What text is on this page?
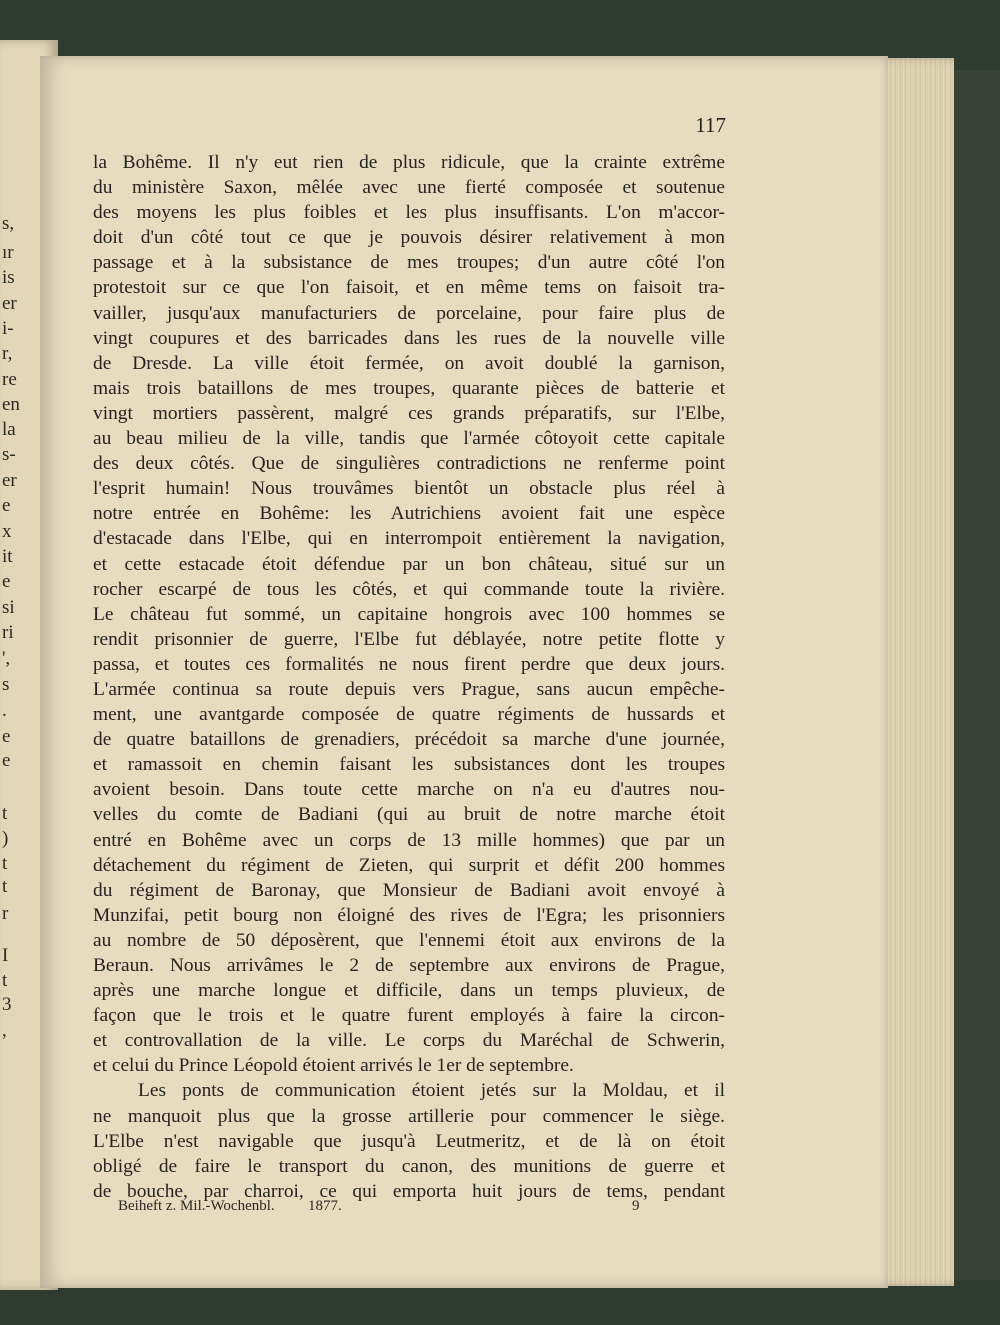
s,
ır
is
er
i-
r,
re
en
la
s-
er
e
x
it
e
si
ri
',
s
.
e
e
t
)
t
t
r
I
t
3
,
117
la Bohême. Il n'y eut rien de plus ridicule, que la crainte extrême
du ministère Saxon, mêlée avec une fierté composée et soutenue
des moyens les plus foibles et les plus insuffisants. L'on m'accor-
doit d'un côté tout ce que je pouvois désirer relativement à mon
passage et à la subsistance de mes troupes; d'un autre côté l'on
protestoit sur ce que l'on faisoit, et en même tems on faisoit tra-
vailler, jusqu'aux manufacturiers de porcelaine, pour faire plus de
vingt coupures et des barricades dans les rues de la nouvelle ville
de Dresde. La ville étoit fermée, on avoit doublé la garnison,
mais trois bataillons de mes troupes, quarante pièces de batterie et
vingt mortiers passèrent, malgré ces grands préparatifs, sur l'Elbe,
au beau milieu de la ville, tandis que l'armée côtoyoit cette capitale
des deux côtés. Que de singulières contradictions ne renferme point
l'esprit humain! Nous trouvâmes bientôt un obstacle plus réel à
notre entrée en Bohême: les Autrichiens avoient fait une espèce
d'estacade dans l'Elbe, qui en interrompoit entièrement la navigation,
et cette estacade étoit défendue par un bon château, situé sur un
rocher escarpé de tous les côtés, et qui commande toute la rivière.
Le château fut sommé, un capitaine hongrois avec 100 hommes se
rendit prisonnier de guerre, l'Elbe fut déblayée, notre petite flotte y
passa, et toutes ces formalités ne nous firent perdre que deux jours.
L'armée continua sa route depuis vers Prague, sans aucun empêche-
ment, une avantgarde composée de quatre régiments de hussards et
de quatre bataillons de grenadiers, précédoit sa marche d'une journée,
et ramassoit en chemin faisant les subsistances dont les troupes
avoient besoin. Dans toute cette marche on n'a eu d'autres nou-
velles du comte de Badiani (qui au bruit de notre marche étoit
entré en Bohême avec un corps de 13 mille hommes) que par un
détachement du régiment de Zieten, qui surprit et défit 200 hommes
du régiment de Baronay, que Monsieur de Badiani avoit envoyé à
Munzifai, petit bourg non éloigné des rives de l'Egra; les prisonniers
au nombre de 50 déposèrent, que l'ennemi étoit aux environs de la
Beraun. Nous arrivâmes le 2 de septembre aux environs de Prague,
après une marche longue et difficile, dans un temps pluvieux, de
façon que le trois et le quatre furent employés à faire la circon-
et controvallation de la ville. Le corps du Maréchal de Schwerin,
et celui du Prince Léopold étoient arrivés le 1er de septembre.
Les ponts de communication étoient jetés sur la Moldau, et il
ne manquoit plus que la grosse artillerie pour commencer le siège.
L'Elbe n'est navigable que jusqu'à Leutmeritz, et de là on étoit
obligé de faire le transport du canon, des munitions de guerre et
de bouche, par charroi, ce qui emporta huit jours de tems, pendant
Beiheft z. Mil.-Wochenbl. 1877.	9
